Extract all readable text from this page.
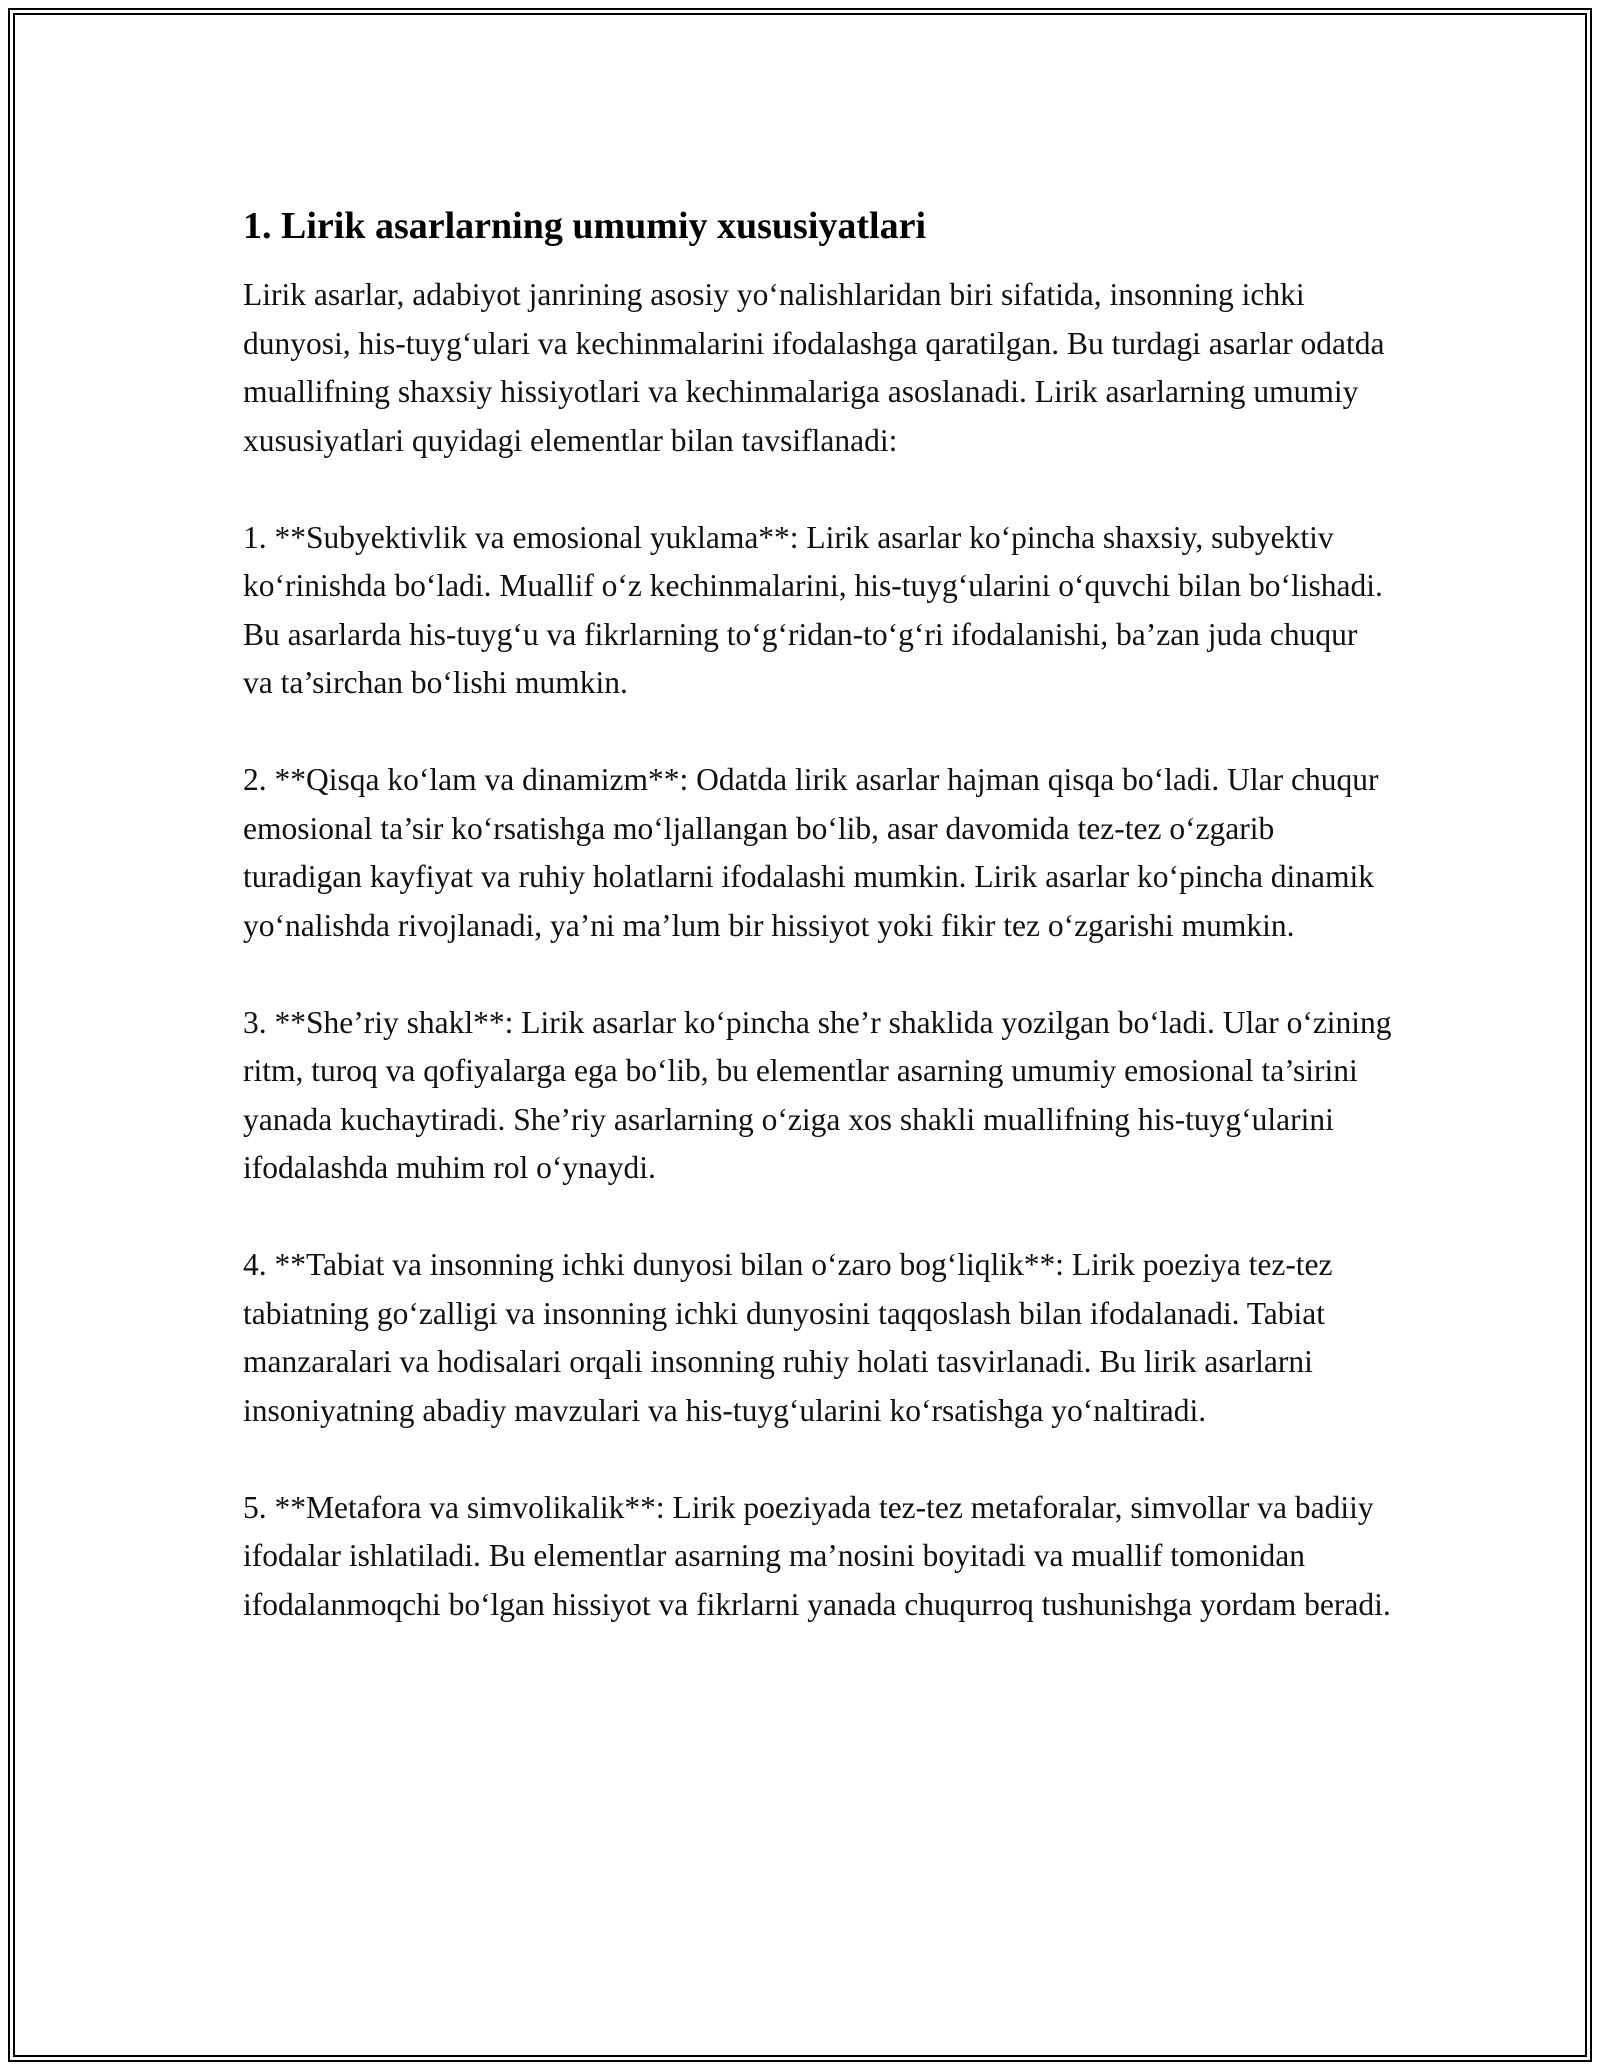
1. Lirik asarlarning umumiy xususiyatlari

Lirik asarlar, adabiyot janrining asosiy yo‘nalishlaridan biri sifatida, insonning ichki dunyosi, his-tuyg‘ulari va kechinmalarini ifodalashga qaratilgan. Bu turdagi asarlar odatda muallifning shaxsiy hissiyotlari va kechinmalariga asoslanadi. Lirik asarlarning umumiy xususiyatlari quyidagi elementlar bilan tavsiflanadi:

1. **Subyektivlik va emosional yuklama**: Lirik asarlar ko‘pincha shaxsiy, subyektiv ko‘rinishda bo‘ladi. Muallif o‘z kechinmalarini, his-tuyg‘ularini o‘quvchi bilan bo‘lishadi. Bu asarlarda his-tuyg‘u va fikrlarning to‘g‘ridan-to‘g‘ri ifodalanishi, ba’zan juda chuqur va ta’sirchan bo‘lishi mumkin.

2. **Qisqa ko‘lam va dinamizm**: Odatda lirik asarlar hajman qisqa bo‘ladi. Ular chuqur emosional ta’sir ko‘rsatishga mo‘ljallangan bo‘lib, asar davomida tez-tez o‘zgarib turadigan kayfiyat va ruhiy holatlarni ifodalashi mumkin. Lirik asarlar ko‘pincha dinamik yo‘nalishda rivojlanadi, ya’ni ma’lum bir hissiyot yoki fikir tez o‘zgarishi mumkin.

3. **She’riy shakl**: Lirik asarlar ko‘pincha she’r shaklida yozilgan bo‘ladi. Ular o‘zining ritm, turoq va qofiyalarga ega bo‘lib, bu elementlar asarning umumiy emosional ta’sirini yanada kuchaytiradi. She’riy asarlarning o‘ziga xos shakli muallifning his-tuyg‘ularini ifodalashda muhim rol o‘ynaydi.

4. **Tabiat va insonning ichki dunyosi bilan o‘zaro bog‘liqlik**: Lirik poeziya tez-tez tabiatning go‘zalligi va insonning ichki dunyosini taqqoslash bilan ifodalanadi. Tabiat manzaralari va hodisalari orqali insonning ruhiy holati tasvirlanadi. Bu lirik asarlarni insoniyatning abadiy mavzulari va his-tuyg‘ularini ko‘rsatishga yo‘naltiradi.

5. **Metafora va simvolikalik**: Lirik poeziyada tez-tez metaforalar, simvollar va badiiy ifodalar ishlatiladi. Bu elementlar asarning ma’nosini boyitadi va muallif tomonidan ifodalanmoqchi bo‘lgan hissiyot va fikrlarni yanada chuqurroq tushunishga yordam beradi.
